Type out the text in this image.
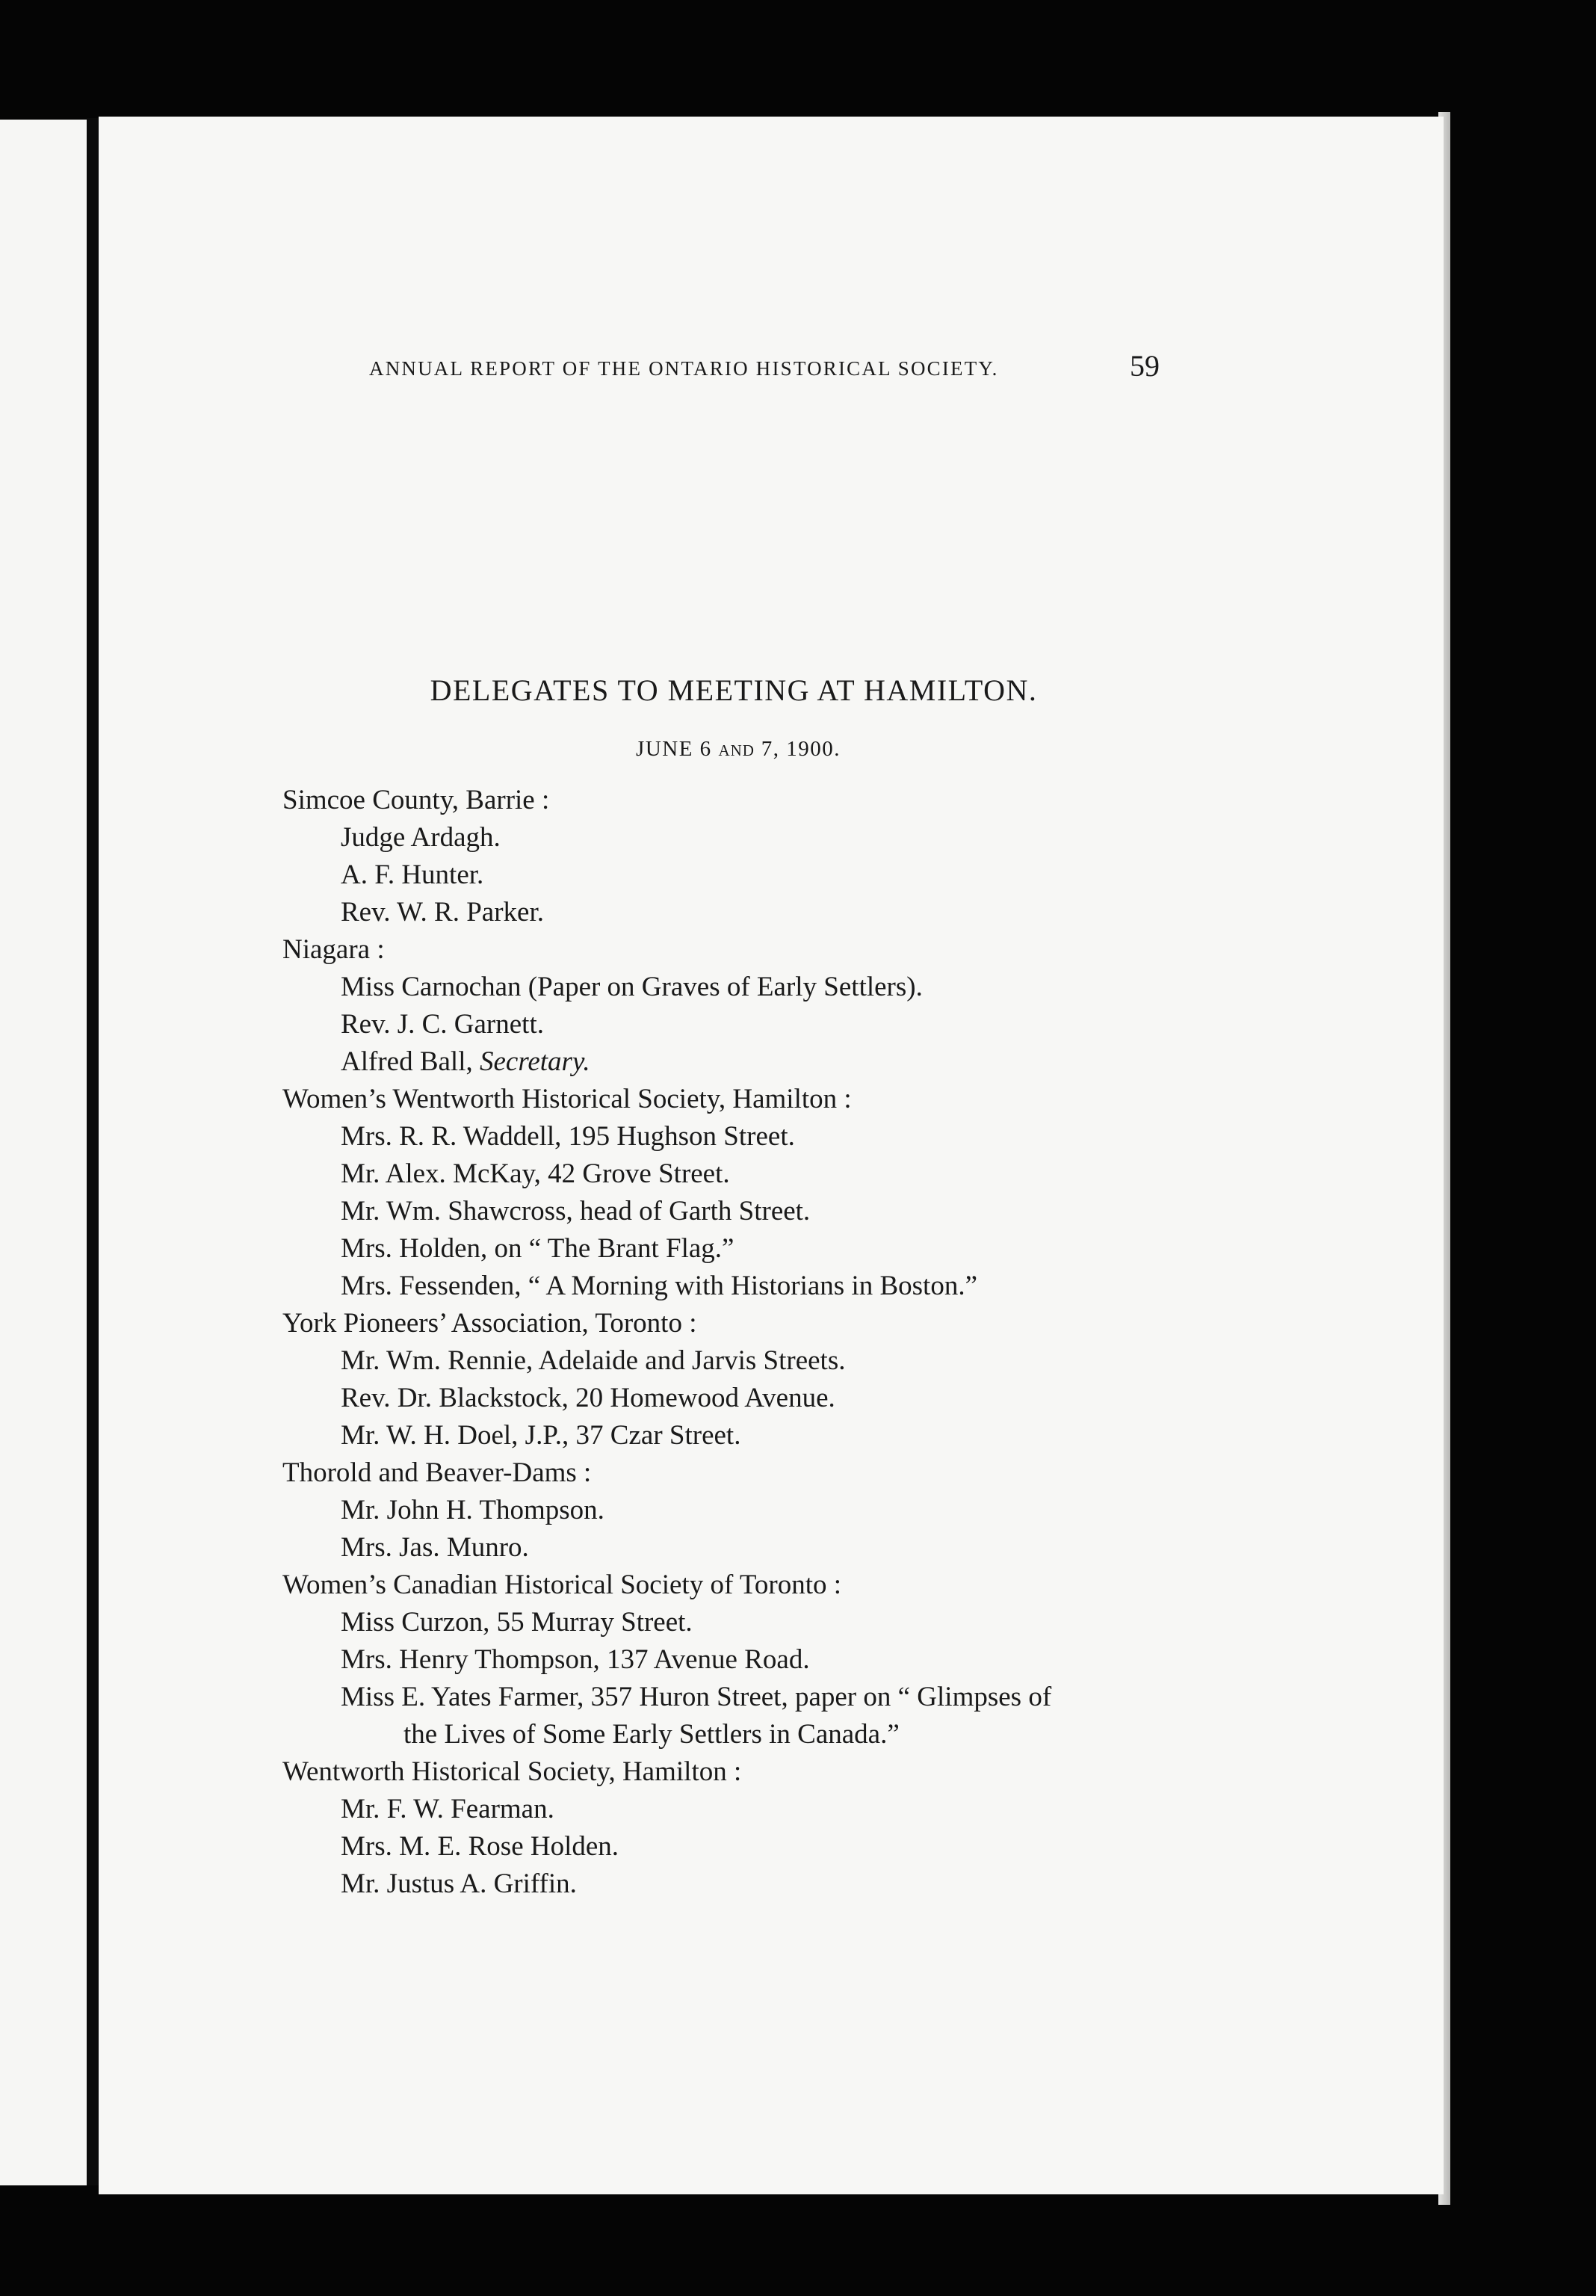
ANNUAL REPORT OF THE ONTARIO HISTORICAL SOCIETY.	59
DELEGATES TO MEETING AT HAMILTON.
JUNE 6 AND 7, 1900.

Simcoe County, Barrie :

Judge Ardagh.

A. F. Hunter.

Rev. W. R. Parker.

Niagara :

Miss Carnochan (Paper on Graves of Early Settlers).

Rev. J. C. Garnett.

Alfred Ball, Secretary.

Women’s Wentworth Historical Society, Hamilton :

Mrs. R. R. Waddell, 195 Hughson Street.

Mr. Alex. McKay, 42 Grove Street.

Mr. Wm. Shawcross, head of Garth Street.

Mrs. Holden, on “ The Brant Flag.”

Mrs. Fessenden, “ A Morning with Historians in Boston.”

York Pioneers’ Association, Toronto :

Mr. Wm. Rennie, Adelaide and Jarvis Streets.

Rev. Dr. Blackstock, 20 Homewood Avenue.

Mr. W. H. Doel, J.P., 37 Czar Street.

Thorold and Beaver-Dams :

Mr. John H. Thompson.

Mrs. Jas. Munro.

Women’s Canadian Historical Society of Toronto :

Miss Curzon, 55 Murray Street.

Mrs. Henry Thompson, 137 Avenue Road.

Miss E. Yates Farmer, 357 Huron Street, paper on “ Glimpses of

the Lives of Some Early Settlers in Canada.”

Wentworth Historical Society, Hamilton :

Mr. F. W. Fearman.

Mrs. M. E. Rose Holden.

Mr. Justus A. Griffin.
